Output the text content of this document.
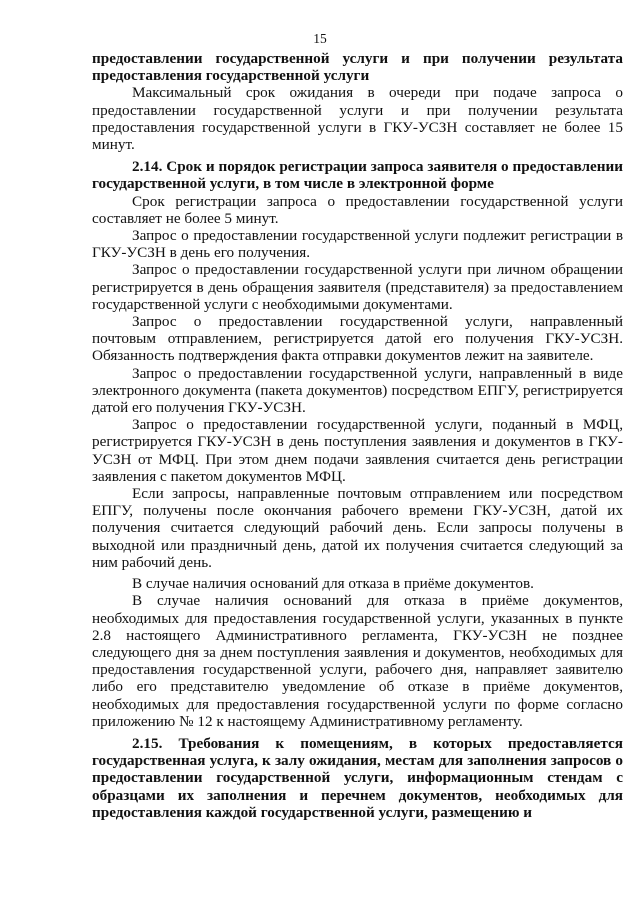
15

предоставлении государственной услуги и при получении результата предоставления государственной услуги

Максимальный срок ожидания в очереди при подаче запроса о предоставлении государственной услуги и при получении результата предоставления государственной услуги в ГКУ-УСЗН составляет не более 15 минут.

2.14. Срок и порядок регистрации запроса заявителя о предоставлении государственной услуги, в том числе в электронной форме

Срок регистрации запроса о предоставлении государственной услуги составляет не более 5 минут.

Запрос о предоставлении государственной услуги подлежит регистрации в ГКУ-УСЗН в день его получения.

Запрос о предоставлении государственной услуги при личном обращении регистрируется в день обращения заявителя (представителя) за предоставлением государственной услуги с необходимыми документами.

Запрос о предоставлении государственной услуги, направленный почтовым отправлением, регистрируется датой его получения ГКУ-УСЗН. Обязанность подтверждения факта отправки документов лежит на заявителе.

Запрос о предоставлении государственной услуги, направленный в виде электронного документа (пакета документов) посредством ЕПГУ, регистрируется датой его получения ГКУ-УСЗН.

Запрос о предоставлении государственной услуги, поданный в МФЦ, регистрируется ГКУ-УСЗН в день поступления заявления и документов в ГКУ-УСЗН от МФЦ. При этом днем подачи заявления считается день регистрации заявления с пакетом документов МФЦ.

Если запросы, направленные почтовым отправлением или посредством ЕПГУ, получены после окончания рабочего времени ГКУ-УСЗН, датой их получения считается следующий рабочий день. Если запросы получены в выходной или праздничный день, датой их получения считается следующий за ним рабочий день.

В случае наличия оснований для отказа в приёме документов.

В случае наличия оснований для отказа в приёме документов, необходимых для предоставления государственной услуги, указанных в пункте 2.8 настоящего Административного регламента, ГКУ-УСЗН не позднее следующего дня за днем поступления заявления и документов, необходимых для предоставления государственной услуги, рабочего дня, направляет заявителю либо его представителю уведомление об отказе в приёме документов, необходимых для предоставления государственной услуги по форме согласно приложению № 12 к настоящему Административному регламенту.

2.15. Требования к помещениям, в которых предоставляется государственная услуга, к залу ожидания, местам для заполнения запросов о предоставлении государственной услуги, информационным стендам с образцами их заполнения и перечнем документов, необходимых для предоставления каждой государственной услуги, размещению и
